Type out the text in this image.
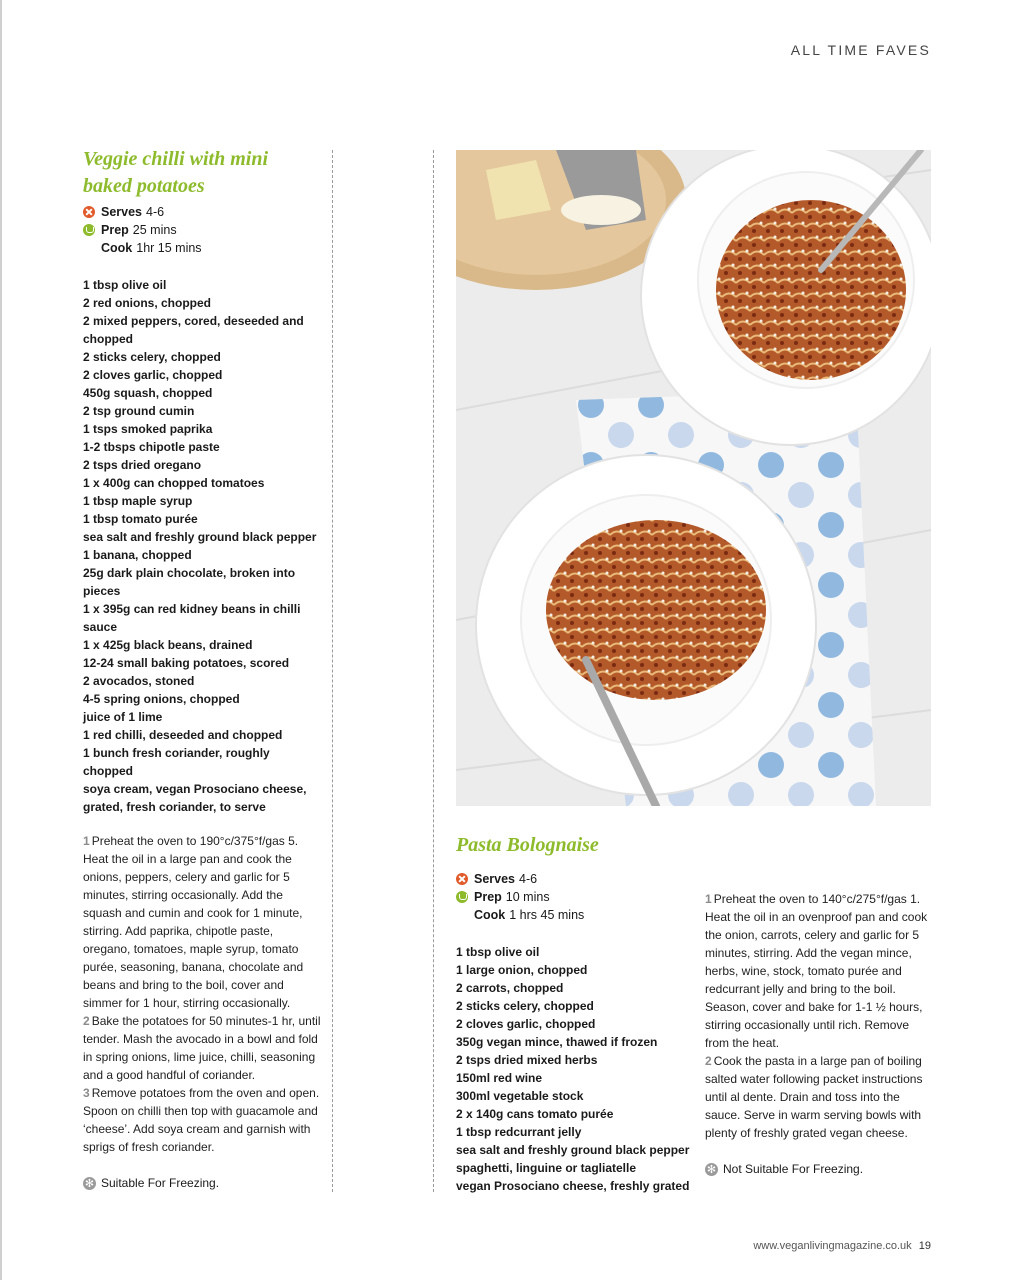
ALL TIME FAVES
Veggie chilli with mini
baked potatoes
Serves 4-6
Prep 25 mins
Cook 1hr 15 mins
1 tbsp olive oil
2 red onions, chopped
2 mixed peppers, cored, deseeded and
chopped
2 sticks celery, chopped
2 cloves garlic, chopped
450g squash, chopped
2 tsp ground cumin
1 tsps smoked paprika
1-2 tbsps chipotle paste
2 tsps dried oregano
1 x 400g can chopped tomatoes
1 tbsp maple syrup
1 tbsp tomato purée
sea salt and freshly ground black pepper
1 banana, chopped
25g dark plain chocolate, broken into
pieces
1 x 395g can red kidney beans in chilli
sauce
1 x 425g black beans, drained
12-24 small baking potatoes, scored
2 avocados, stoned
4-5 spring onions, chopped
juice of 1 lime
1 red chilli, deseeded and chopped
1 bunch fresh coriander, roughly chopped
soya cream, vegan Prosociano cheese,
grated, fresh coriander, to serve

1 Preheat the oven to 190°c/375°f/gas 5. Heat the oil in a large pan and cook the onions, peppers, celery and garlic for 5 minutes, stirring occasionally. Add the squash and cumin and cook for 1 minute, stirring. Add paprika, chipotle paste, oregano, tomatoes, maple syrup, tomato purée, seasoning, banana, chocolate and beans and bring to the boil, cover and simmer for 1 hour, stirring occasionally.

2 Bake the potatoes for 50 minutes-1 hr, until tender. Mash the avocado in a bowl and fold in spring onions, lime juice, chilli, seasoning and a good handful of coriander.

3 Remove potatoes from the oven and open. Spoon on chilli then top with guacamole and ‘cheese’. Add soya cream and garnish with sprigs of fresh coriander.

✻
Suitable For Freezing.
Pasta Bolognaise
Serves 4-6
Prep 10 mins
Cook 1 hrs 45 mins
1 tbsp olive oil
1 large onion, chopped
2 carrots, chopped
2 sticks celery, chopped
2 cloves garlic, chopped
350g vegan mince, thawed if frozen
2 tsps dried mixed herbs
150ml red wine
300ml vegetable stock
2 x 140g cans tomato purée
1 tbsp redcurrant jelly
sea salt and freshly ground black pepper
spaghetti, linguine or tagliatelle
vegan Prosociano cheese, freshly grated

1 Preheat the oven to 140°c/275°f/gas 1. Heat the oil in an ovenproof pan and cook the onion, carrots, celery and garlic for 5 minutes, stirring. Add the vegan mince, herbs, wine, stock, tomato purée and redcurrant jelly and bring to the boil. Season, cover and bake for 1-1 ½ hours, stirring occasionally until rich. Remove from the heat.

2 Cook the pasta in a large pan of boiling salted water following packet instructions until al dente. Drain and toss into the sauce. Serve in warm serving bowls with plenty of freshly grated vegan cheese.

✻
Not Suitable For Freezing.
www.veganlivingmagazine.co.uk 19
